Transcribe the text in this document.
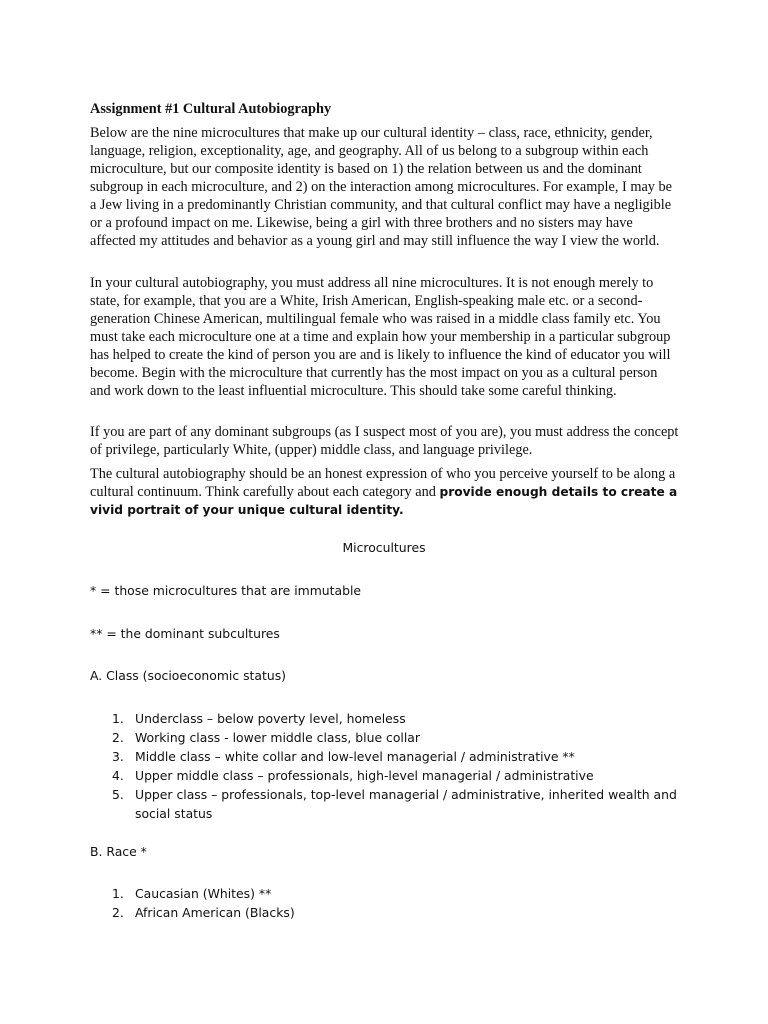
Assignment #1 Cultural Autobiography

Below are the nine microcultures that make up our cultural identity – class, race, ethnicity, gender, language, religion, exceptionality, age, and geography. All of us belong to a subgroup within each microculture, but our composite identity is based on 1) the relation between us and the dominant subgroup in each microculture, and 2) on the interaction among microcultures. For example, I may be a Jew living in a predominantly Christian community, and that cultural conflict may have a negligible or a profound impact on me. Likewise, being a girl with three brothers and no sisters may have affected my attitudes and behavior as a young girl and may still influence the way I view the world.

In your cultural autobiography, you must address all nine microcultures. It is not enough merely to state, for example, that you are a White, Irish American, English-speaking male etc. or a second-generation Chinese American, multilingual female who was raised in a middle class family etc. You must take each microculture one at a time and explain how your membership in a particular subgroup has helped to create the kind of person you are and is likely to influence the kind of educator you will become. Begin with the microculture that currently has the most impact on you as a cultural person and work down to the least influential microculture. This should take some careful thinking.

If you are part of any dominant subgroups (as I suspect most of you are), you must address the concept of privilege, particularly White, (upper) middle class, and language privilege.

The cultural autobiography should be an honest expression of who you perceive yourself to be along a cultural continuum. Think carefully about each category and provide enough details to create a vivid portrait of your unique cultural identity.

Microcultures
* = those microcultures that are immutable
** = the dominant subcultures
A. Class (socioeconomic status)
1. Underclass – below poverty level, homeless
2. Working class - lower middle class, blue collar
3. Middle class – white collar and low-level managerial / administrative **
4. Upper middle class – professionals, high-level managerial / administrative
5. Upper class – professionals, top-level managerial / administrative, inherited wealth and social status
B. Race *
1. Caucasian (Whites) **
2. African American (Blacks)
